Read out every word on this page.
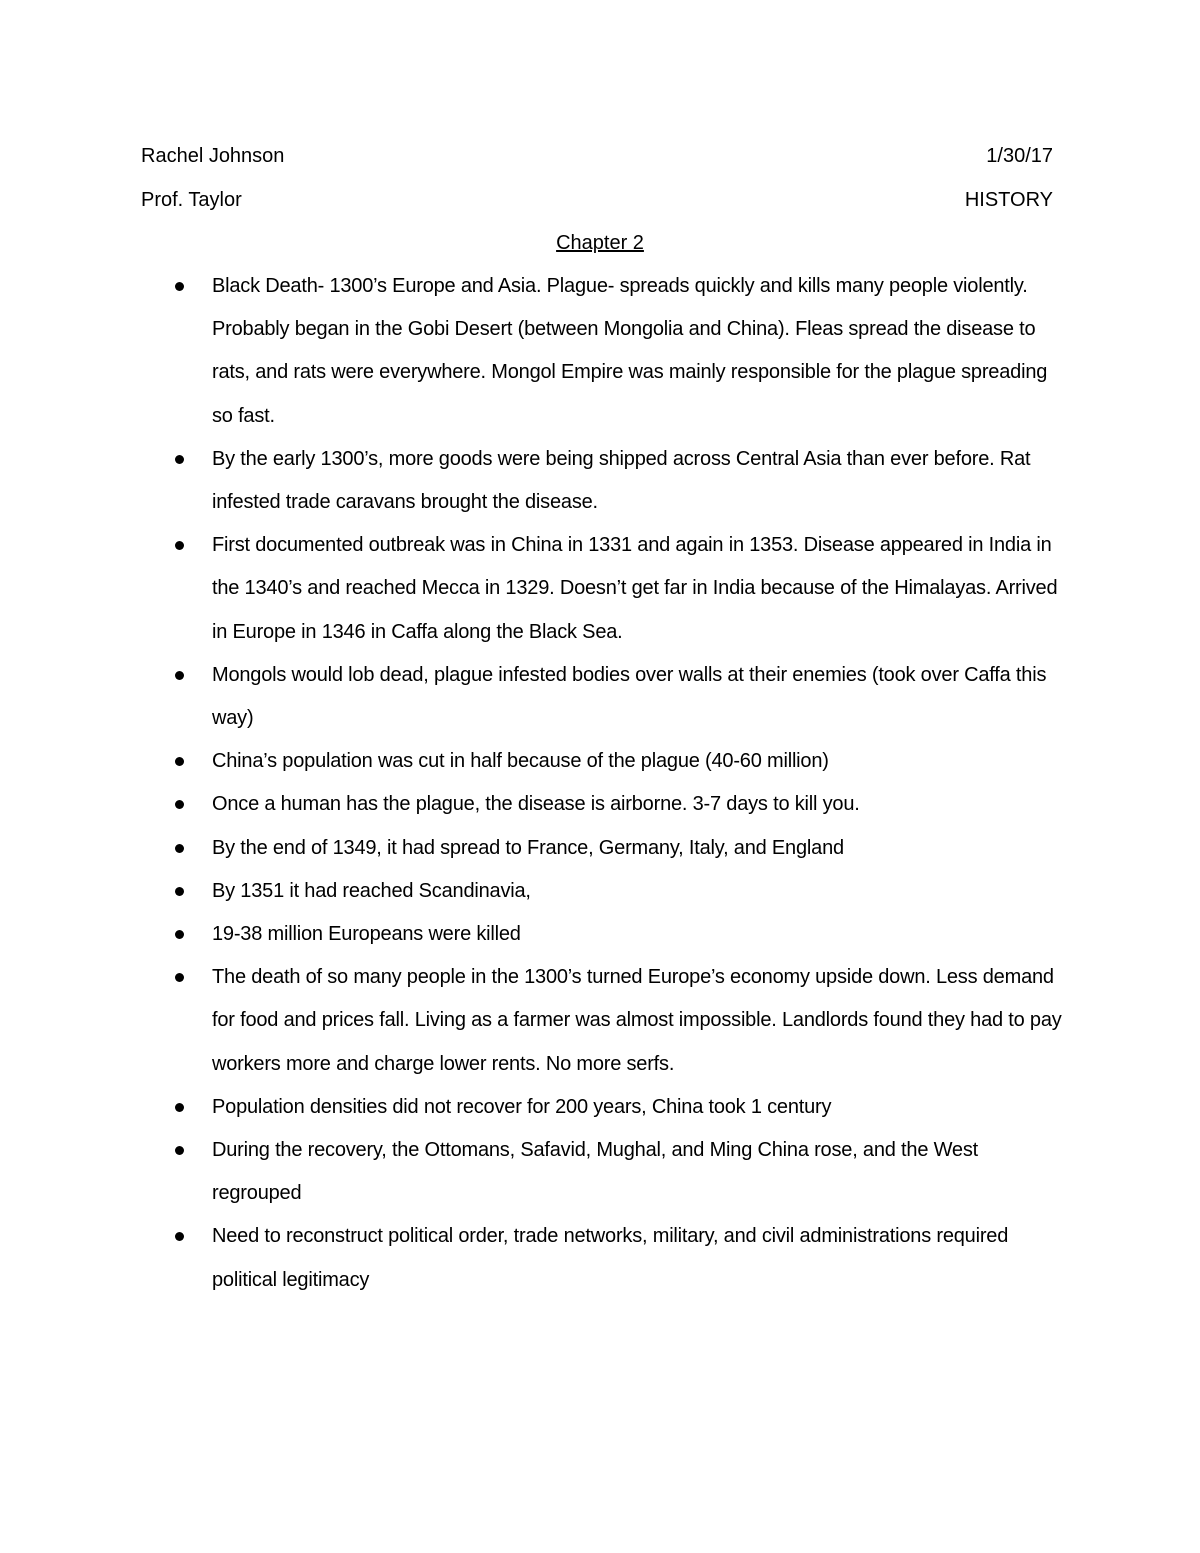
Rachel Johnson	1/30/17
Prof. Taylor	HISTORY
Chapter 2
Black Death- 1300’s Europe and Asia. Plague- spreads quickly and kills many people violently. Probably began in the Gobi Desert (between Mongolia and China). Fleas spread the disease to rats, and rats were everywhere. Mongol Empire was mainly responsible for the plague spreading so fast.
By the early 1300’s, more goods were being shipped across Central Asia than ever before. Rat infested trade caravans brought the disease.
First documented outbreak was in China in 1331 and again in 1353. Disease appeared in India in the 1340’s and reached Mecca in 1329. Doesn’t get far in India because of the Himalayas. Arrived in Europe in 1346 in Caffa along the Black Sea.
Mongols would lob dead, plague infested bodies over walls at their enemies (took over Caffa this way)
China’s population was cut in half because of the plague (40-60 million)
Once a human has the plague, the disease is airborne. 3-7 days to kill you.
By the end of 1349, it had spread to France, Germany, Italy, and England
By 1351 it had reached Scandinavia,
19-38 million Europeans were killed
The death of so many people in the 1300’s turned Europe’s economy upside down. Less demand for food and prices fall. Living as a farmer was almost impossible. Landlords found they had to pay workers more and charge lower rents. No more serfs.
Population densities did not recover for 200 years, China took 1 century
During the recovery, the Ottomans, Safavid, Mughal, and Ming China rose, and the West regrouped
Need to reconstruct political order, trade networks, military, and civil administrations required political legitimacy
